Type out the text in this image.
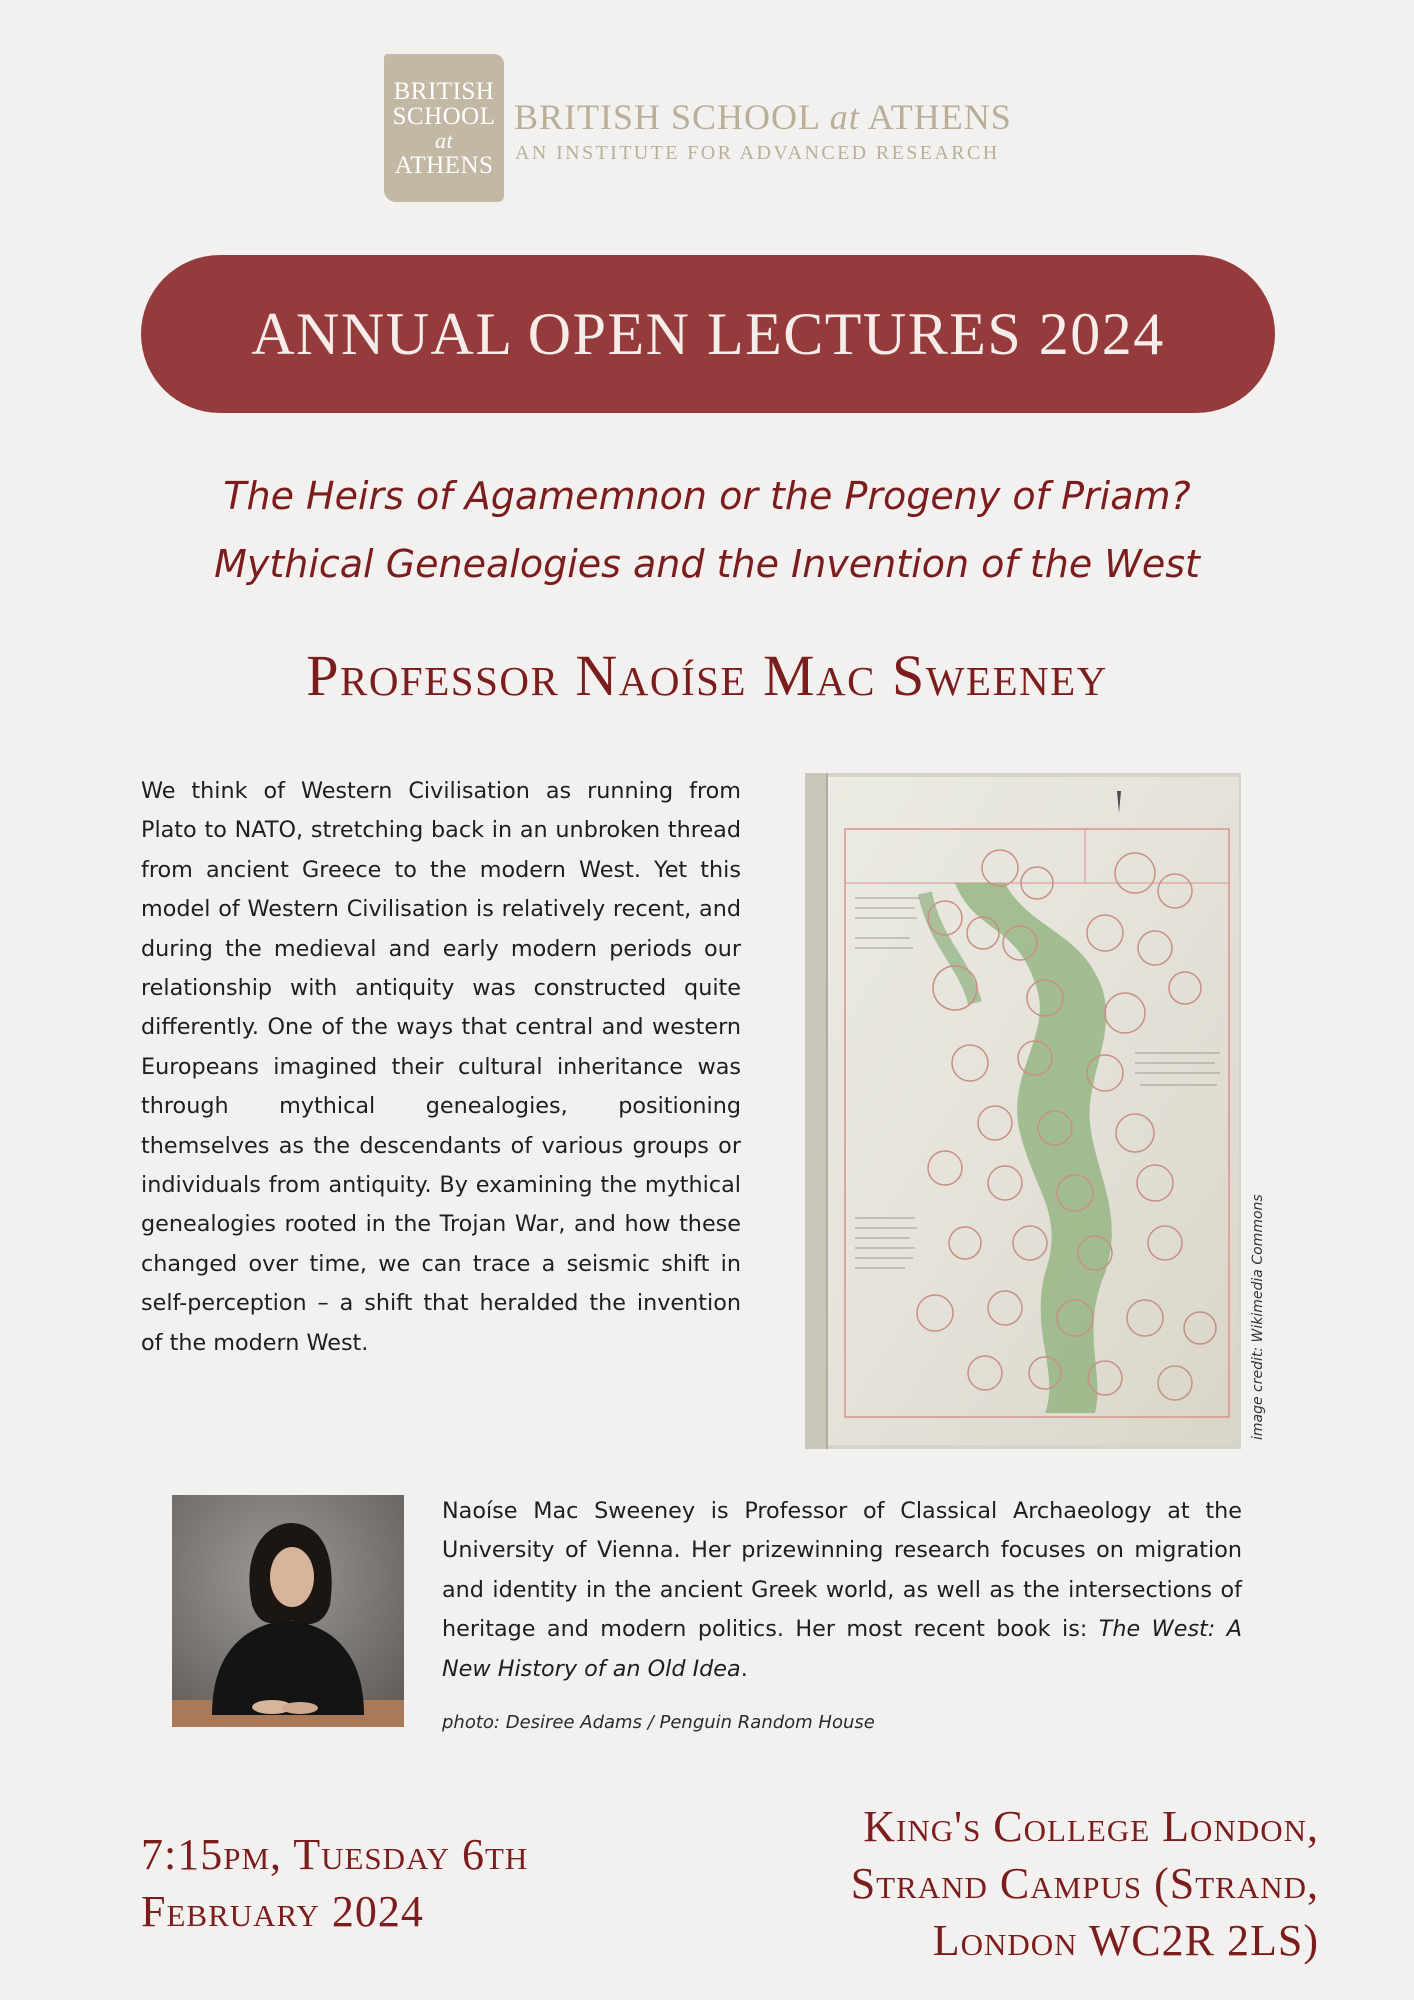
BRITISH
SCHOOL
at
ATHENS
BRITISH SCHOOL at ATHENS
AN INSTITUTE FOR ADVANCED RESEARCH
ANNUAL OPEN LECTURES 2024
The Heirs of Agamemnon or the Progeny of Priam?
Mythical Genealogies and the Invention of the West
Professor Naoíse Mac Sweeney
We think of Western Civilisation as running from Plato to NATO, stretching back in an unbroken thread from ancient Greece to the modern West. Yet this model of Western Civilisation is relatively recent, and during the medieval and early modern periods our relationship with antiquity was constructed quite differently. One of the ways that central and western Europeans imagined their cultural inheritance was through mythical genealogies, positioning themselves as the descendants of various groups or individuals from antiquity. By examining the mythical genealogies rooted in the Trojan War, and how these changed over time, we can trace a seismic shift in self-perception – a shift that heralded the invention of the modern West.	image credit: Wikimedia Commons
Naoíse Mac Sweeney is Professor of Classical Archaeology at the University of Vienna. Her prizewinning research focuses on migration and identity in the ancient Greek world, as well as the intersections of heritage and modern politics. Her most recent book is: The West: A New History of an Old Idea.
photo: Desiree Adams / Penguin Random House
7:15pm, Tuesday 6th
February 2024
King's College London,
Strand Campus (Strand,
London WC2R 2LS)
